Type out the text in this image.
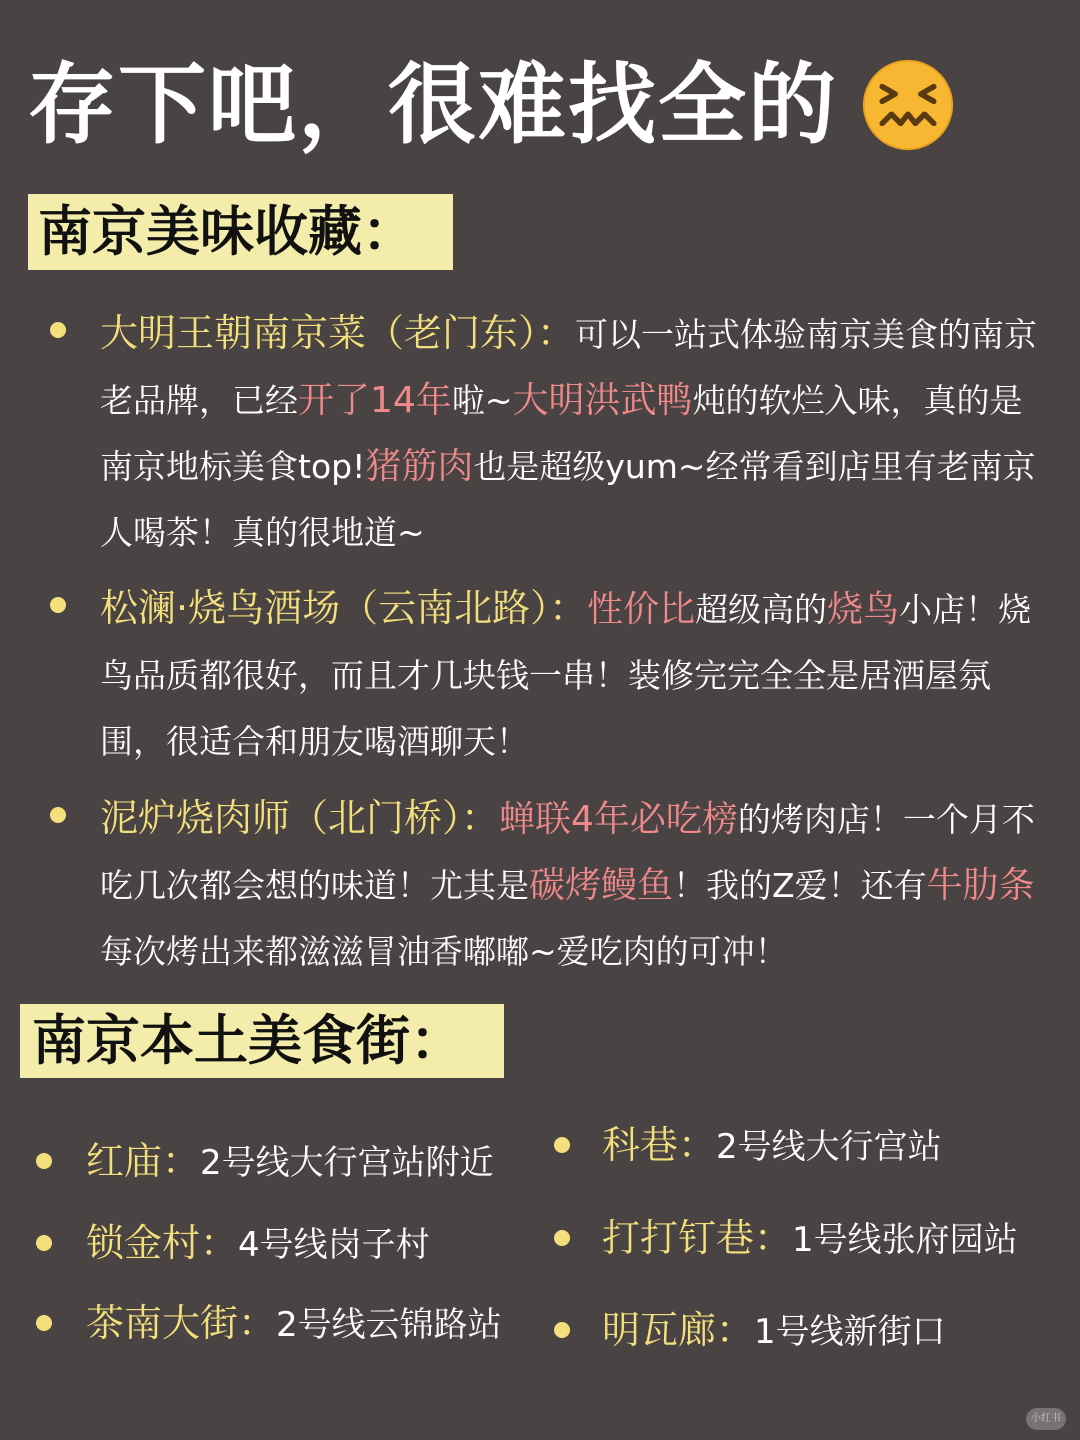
存下吧，很难找全的
南京美味收藏：
大明王朝南京菜（老门东）：可以一站式体验南京美食的南京老品牌，已经开了14年啦~大明洪武鸭炖的软烂入味，真的是南京地标美食top!猪筋肉也是超级yum~经常看到店里有老南京人喝茶！真的很地道~
松澜·烧鸟酒场（云南北路）：性价比超级高的烧鸟小店！烧鸟品质都很好，而且才几块钱一串！装修完完全全是居酒屋氛围，很适合和朋友喝酒聊天！
泥炉烧肉师（北门桥）：蝉联4年必吃榜的烤肉店！一个月不吃几次都会想的味道！尤其是碳烤鳗鱼！我的Z爱！还有牛肋条每次烤出来都滋滋冒油香嘟嘟~爱吃肉的可冲！
南京本土美食街：
红庙：2号线大行宫站附近
锁金村：4号线岗子村
茶南大街：2号线云锦路站
科巷：2号线大行宫站
打打钉巷：1号线张府园站
明瓦廊：1号线新街口
小红书
